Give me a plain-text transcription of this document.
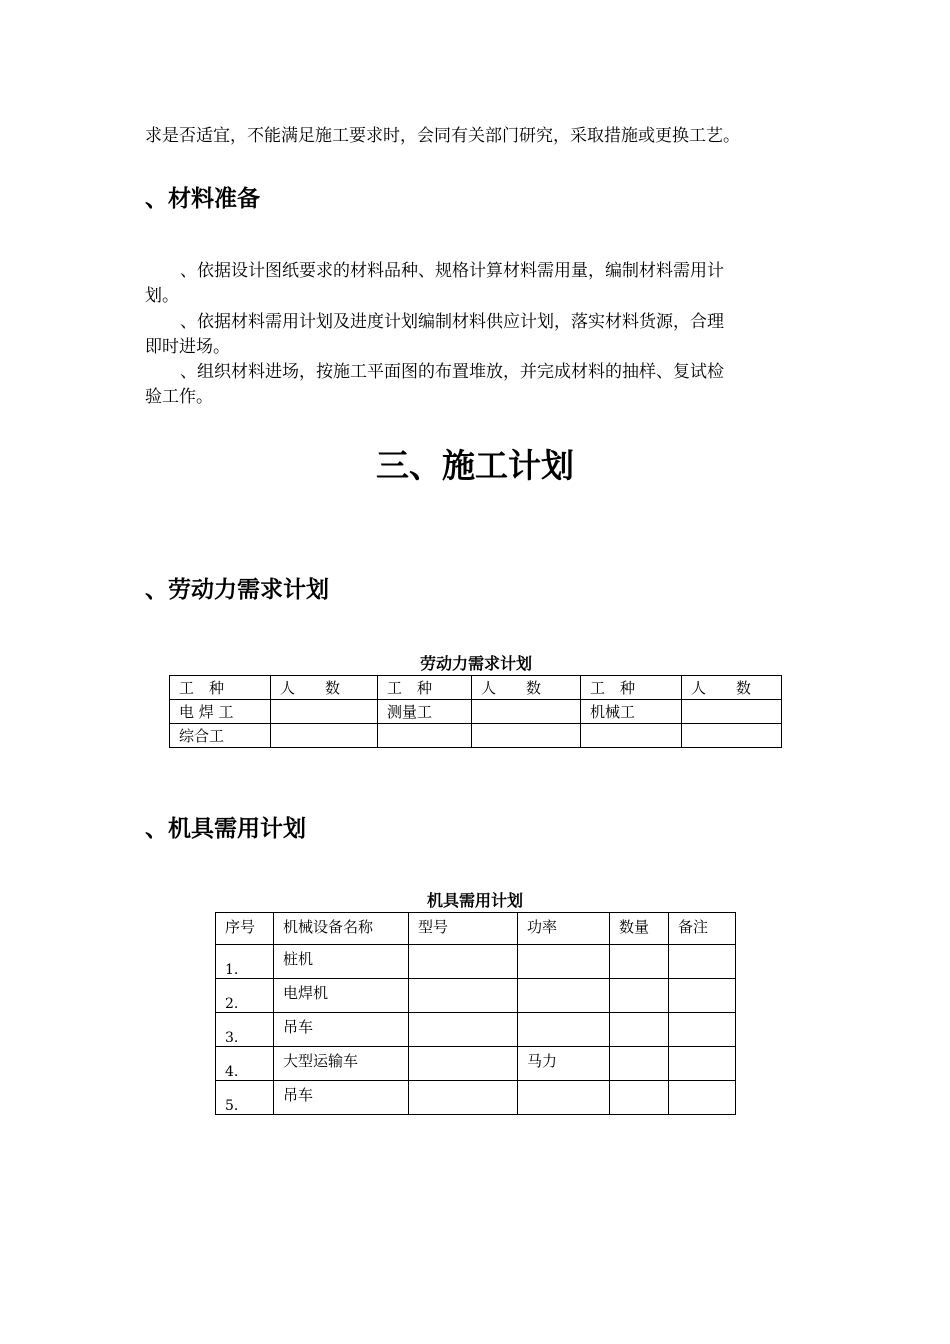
求是否适宜，不能满足施工要求时，会同有关部门研究，采取措施或更换工艺。
、材料准备
、依据设计图纸要求的材料品种、规格计算材料需用量，编制材料需用计
划。
、依据材料需用计划及进度计划编制材料供应计划，落实材料货源，合理
即时进场。
、组织材料进场，按施工平面图的布置堆放，并完成材料的抽样、复试检
验工作。
三、施工计划
、劳动力需求计划
劳动力需求计划
工　种	人　　数	工　种	人　　数	工　种	人　　数
电 焊 工		测量工		机械工	
综合工					
、机具需用计划
机具需用计划
序号	机械设备名称	型号	功率	数量	备注
1.	桩机				
2.	电焊机				
3.	吊车				
4.	大型运输车		马力		
5.	吊车				
